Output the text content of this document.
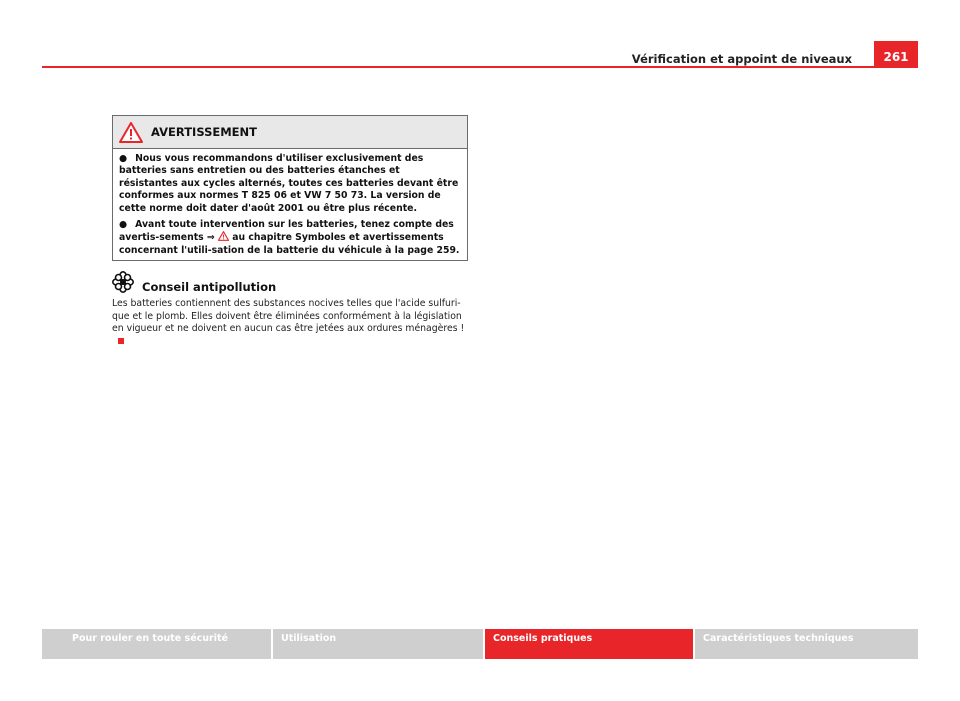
Vérification et appoint de niveaux	261
AVERTISSEMENT

● Nous vous recommandons d'utiliser exclusivement des batteries sans entretien ou des batteries étanches et résistantes aux cycles alternés, toutes ces batteries devant être conformes aux normes T 825 06 et VW 7 50 73. La version de cette norme doit dater d'août 2001 ou être plus récente.

● Avant toute intervention sur les batteries, tenez compte des avertis-sements ⇒  au chapitre Symboles et avertissements concernant l'utili-sation de la batterie du véhicule à la page 259.

Conseil antipollution
Les batteries contiennent des substances nocives telles que l'acide sulfuri-que et le plomb. Elles doivent être éliminées conformément à la législation en vigueur et ne doivent en aucun cas être jetées aux ordures ménagères !
Pour rouler en toute sécurité	Utilisation	Conseils pratiques	Caractéristiques techniques
